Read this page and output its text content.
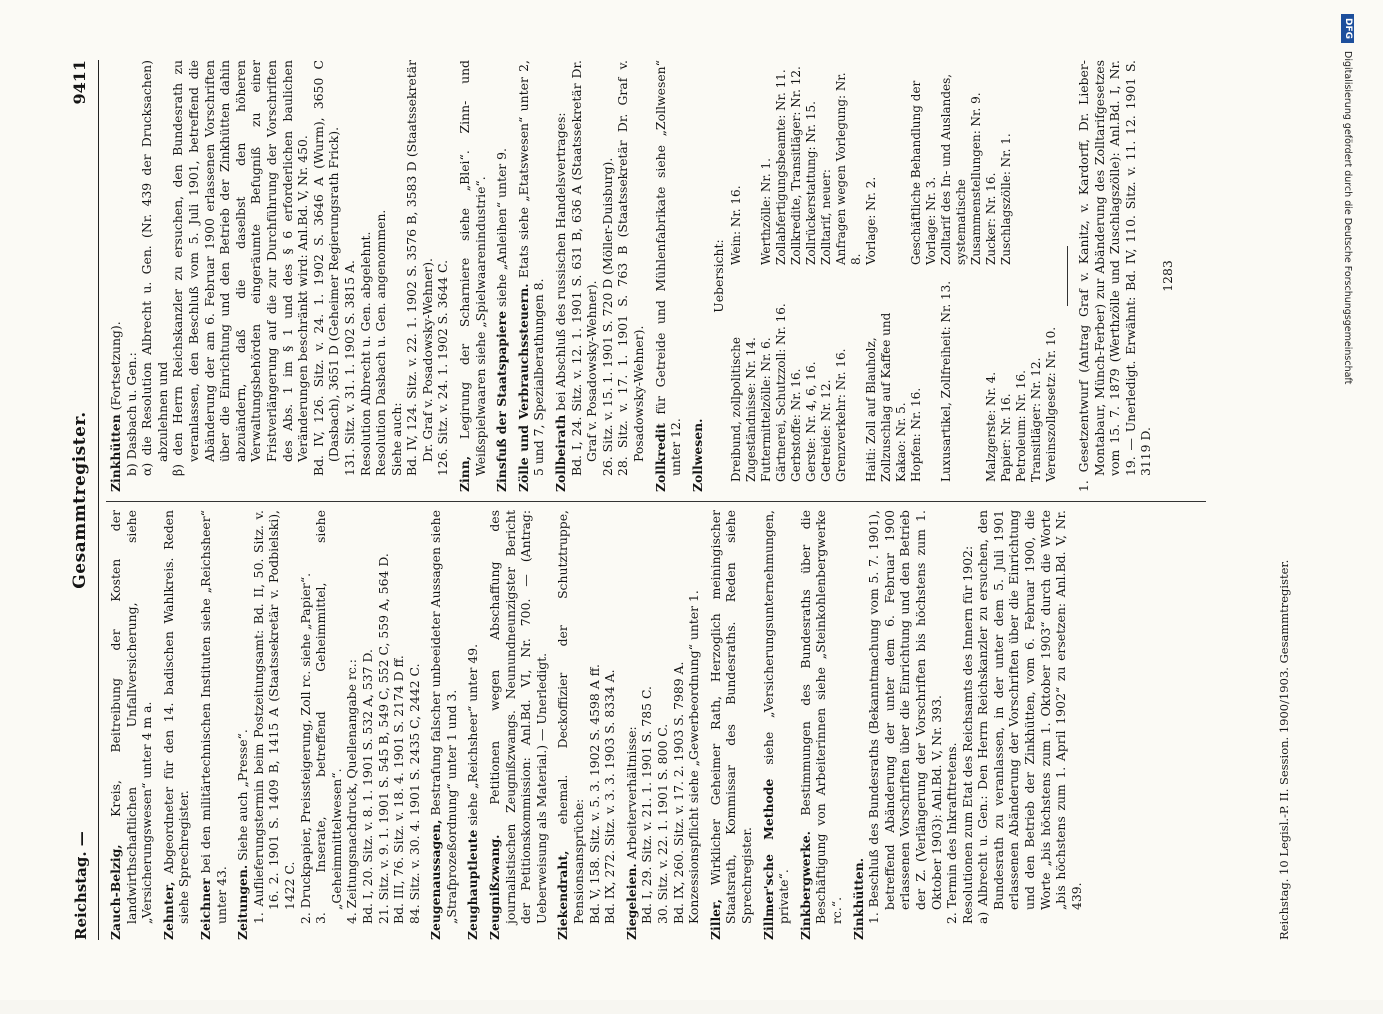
Reichstag. —
Gesammtregister.
9411
Zauch-Belzig, Kreis, Beitreibung der Kosten der landwirthschaftlichen Unfallversicherung, siehe „Versicherungswesen“ unter 4 m a. Zehnter, Abgeordneter für den 14. badischen Wahlkreis. Reden siehe Sprechregister. Zeichner bei den militärtechnischen Instituten siehe „Reichsheer“ unter 43. Zeitungen. Siehe auch „Presse“. 1. Auflieferungstermin beim Postzeitungsamt: Bd. II, 50. Sitz. v. 16. 2. 1901 S. 1409 B, 1415 A (Staatssekretär v. Podbielski), 1422 C. 2. Druckpapier, Preissteigerung, Zoll rc. siehe „Papier“. 3. Inserate, betreffend Geheimmittel, siehe „Geheimmittelwesen“. 4. Zeitungsnachdruck, Quellenangabe rc.: Bd. I, 20. Sitz. v. 8. 1. 1901 S. 532 A, 537 D. 21. Sitz. v. 9. 1. 1901 S. 545 B, 549 C, 552 C, 559 A, 564 D. Bd. III, 76. Sitz. v. 18. 4. 1901 S. 2174 D ff. 84. Sitz. v. 30. 4. 1901 S. 2435 C, 2442 C. Zeugenaussagen, Bestrafung falscher unbeeideter Aussagen siehe „Strafprozeßordnung“ unter 1 und 3. Zeughauptleute siehe „Reichsheer“ unter 49.
Zeugnißzwang. Petitionen wegen Abschaffung des journalistischen Zeugnißzwangs. Neunundneunzigster Bericht der Petitionskommission: Anl.Bd. VI, Nr. 700. — (Antrag: Ueberweisung als Material.) — Unerledigt. Ziekendraht, ehemal. Deckoffizier der Schutztruppe, Pensionsansprüche: Bd. V, 158. Sitz. v. 5. 3. 1902 S. 4598 A ff. Bd. IX, 272. Sitz. v. 3. 3. 1903 S. 8334 A. Ziegeleien. Arbeiterverhältnisse: Bd. I, 29. Sitz. v. 21. 1. 1901 S. 785 C. 30. Sitz. v. 22. 1. 1901 S. 800 C. Bd. IX, 260. Sitz. v. 17. 2. 1903 S. 7989 A. Konzessionspflicht siehe „Gewerbeordnung“ unter 1. Ziller, Wirklicher Geheimer Rath, Herzoglich meiningischer Staatsrath, Kommissar des Bundesraths. Reden siehe Sprechregister. Zillmer'sche Methode siehe „Versicherungsunternehmungen, private“. Zinkbergwerke. Bestimmungen des Bundesraths über die Beschäftigung von Arbeiterinnen siehe „Steinkohlenbergwerke rc.“. Zinkhütten. 1. Beschluß des Bundesraths (Bekanntmachung vom 5. 7. 1901), betreffend Abänderung der unter dem 6. Februar 1900 erlassenen Vorschriften über die Einrichtung und den Betrieb der Z. (Verlängerung der Vorschriften bis höchstens zum 1. Oktober 1903): Anl.Bd. V, Nr. 393. 2. Termin des Inkrafttretens. Resolutionen zum Etat des Reichsamts des Innern für 1902: a) Albrecht u. Gen.: Den Herrn Reichskanzler zu ersuchen, den Bundesrath zu veranlassen, in der unter dem 5. Juli 1901 erlassenen Abänderung der Vorschriften über die Einrichtung und den Betrieb der Zinkhütten, vom 6. Februar 1900, die Worte „bis höchstens zum 1. Oktober 1903“ durch die Worte „bis höchstens zum 1. April 1902“ zu ersetzen: Anl.Bd. V, Nr. 439.
Zinkhütten (Fortsetzung). b) Dasbach u. Gen.: α) die Resolution Albrecht u. Gen. (Nr. 439 der Drucksachen) abzulehnen und β) den Herrn Reichskanzler zu ersuchen, den Bundesrath zu veranlassen, den Beschluß vom 5. Juli 1901, betreffend die Abänderung der am 6. Februar 1900 erlassenen Vorschriften über die Einrichtung und den Betrieb der Zinkhütten dahin abzuändern, daß die daselbst den höheren Verwaltungsbehörden eingeräumte Befugniß zu einer Fristverlängerung auf die zur Durchführung der Vorschriften des Abs. 1 im § 1 und des § 6 erforderlichen baulichen Veränderungen beschränkt wird: Anl.Bd. V, Nr. 450. Bd. IV, 126. Sitz. v. 24. 1. 1902 S. 3646 A (Wurm), 3650 C (Dasbach), 3651 D (Geheimer Regierungsrath Frick). 131. Sitz. v. 31. 1. 1902 S. 3815 A. Resolution Albrecht u. Gen. abgelehnt. Resolution Dasbach u. Gen. angenommen. Siehe auch: Bd. IV, 124. Sitz. v. 22. 1. 1902 S. 3576 B, 3583 D (Staatssekretär Dr. Graf v. Posadowsky-Wehner). 126. Sitz. v. 24. 1. 1902 S. 3644 C. Zinn, Legirung der Scharniere siehe „Blei“. Zinn- und Weißspielwaaren siehe „Spielwaarenindustrie“. Zinsfuß der Staatspapiere siehe „Anleihen“ unter 9.
Zölle und Verbrauchssteuern. Etats siehe „Etatswesen“ unter 2, 5 und 7, Spezialberathungen 8. Zollbeirath bei Abschluß des russischen Handelsvertrages: Bd. I, 24. Sitz. v. 12. 1. 1901 S. 631 B, 636 A (Staatssekretär Dr. Graf v. Posadowsky-Wehner). 26. Sitz. v. 15. 1. 1901 S. 720 D (Möller-Duisburg). 28. Sitz. v. 17. 1. 1901 S. 763 B (Staatssekretär Dr. Graf v. Posadowsky-Wehner). Zollkredit für Getreide und Mühlenfabrikate siehe „Zollwesen“ unter 12. Zollwesen.
Uebersicht:
Dreibund, zollpolitische Zugeständnisse: Nr. 14.
Wein: Nr. 16.
Futtermittelzölle: Nr. 6.
Werthzölle: Nr. 1.
Gärtnerei, Schutzzoll: Nr. 16.
Zollabfertigungsbeamte: Nr. 11.
Gerbstoffe: Nr. 16.
Zollkredite, Transitläger: Nr. 12.
Gerste: Nr. 4, 6, 16.
Zollrückerstattung: Nr. 15.
Getreide: Nr. 12.
Zolltarif, neuer:
Grenzverkehr: Nr. 16.
Anfragen wegen Vorlegung: Nr. 8.
Haiti: Zoll auf Blauholz, Zollzuschlag auf Kaffee und Kakao: Nr. 5.
Vorlage: Nr. 2.
Hopfen: Nr. 16.
Geschäftliche Behandlung der Vorlage: Nr. 3.
Luxusartikel, Zollfreiheit: Nr. 13.
Zolltarif des In- und Auslandes, systematische Zusammenstellungen: Nr. 9.
Malzgerste: Nr. 4.
Zucker: Nr. 16.
Papier: Nr. 16.
Zuschlagszölle: Nr. 1.
Petroleum: Nr. 16. Transitläger: Nr. 12. Vereinszollgesetz: Nr. 10. 1. Gesetzentwurf (Antrag Graf v. Kanitz, v. Kardorff, Dr. Lieber-Montabaur, Münch-Ferber) zur Abänderung des Zolltarifgesetzes vom 15. 7. 1879 (Werthzölle und Zuschlagszölle): Anl.Bd. I, Nr. 19. — Unerledigt. Erwähnt: Bd. IV, 110. Sitz. v. 11. 12. 1901 S. 3119 D.

1283
Reichstag. 10 Legisl.-P. II. Session. 1900/1903. Gesammtregister.
DFGDigitalisierung gefördert durch die Deutsche Forschungsgemeinschaft
